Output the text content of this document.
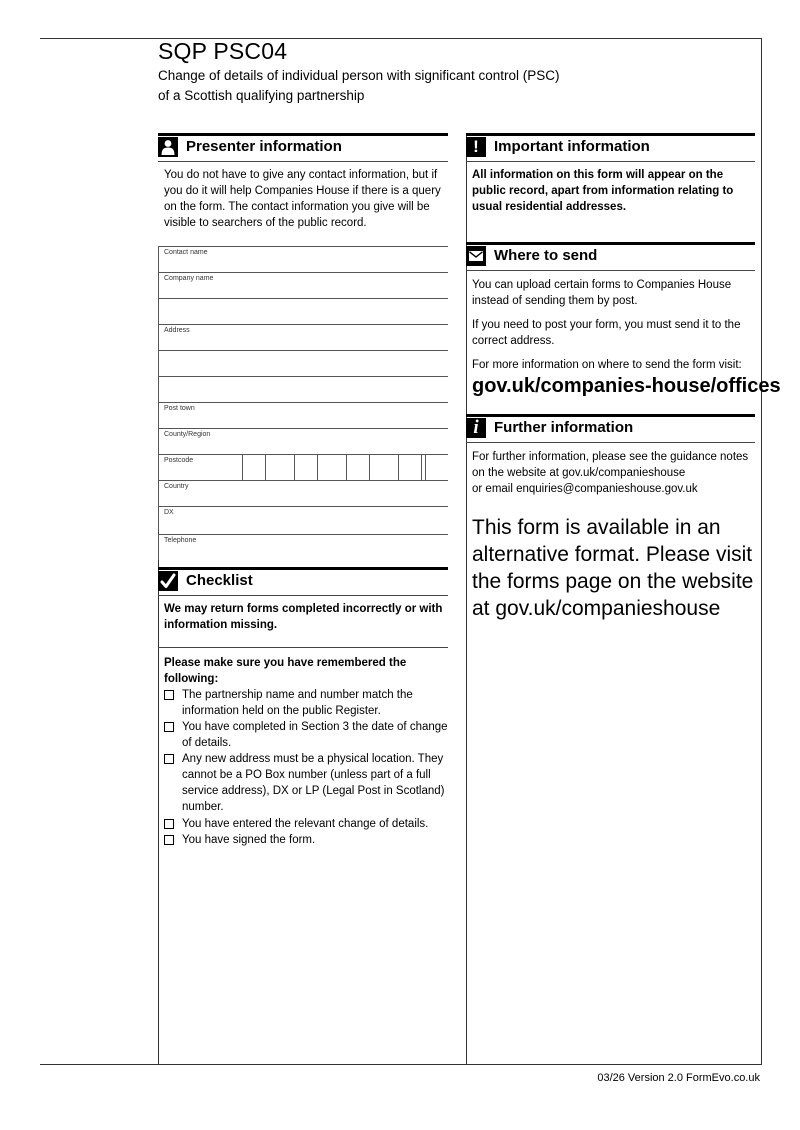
SQP PSC04
Change of details of individual person with significant control (PSC)
of a Scottish qualifying partnership
Presenter information
You do not have to give any contact information, but if you do it will help Companies House if there is a query on the form. The contact information you give will be visible to searchers of the public record.
Contact name
Company name
Address
Post town
County/Region
Postcode
Country
DX
Telephone
Checklist
We may return forms completed incorrectly or with information missing.
Please make sure you have remembered the following:
The partnership name and number match the information held on the public Register.
You have completed in Section 3 the date of change of details.
Any new address must be a physical location. They cannot be a PO Box number (unless part of a full service address), DX or LP (Legal Post in Scotland) number.
You have entered the relevant change of details.
You have signed the form.
!	Important information
All information on this form will appear on the public record, apart from information relating to usual residential addresses.
Where to send
You can upload certain forms to Companies House instead of sending them by post.
If you need to post your form, you must send it to the correct address.
For more information on where to send the form visit:
gov.uk/companies-house/offices
i	Further information
For further information, please see the guidance notes
on the website at gov.uk/companieshouse
or email enquiries@companieshouse.gov.uk
This form is available in an alternative format. Please visit the forms page on the website at gov.uk/companieshouse
03/26 Version 2.0 FormEvo.co.uk
